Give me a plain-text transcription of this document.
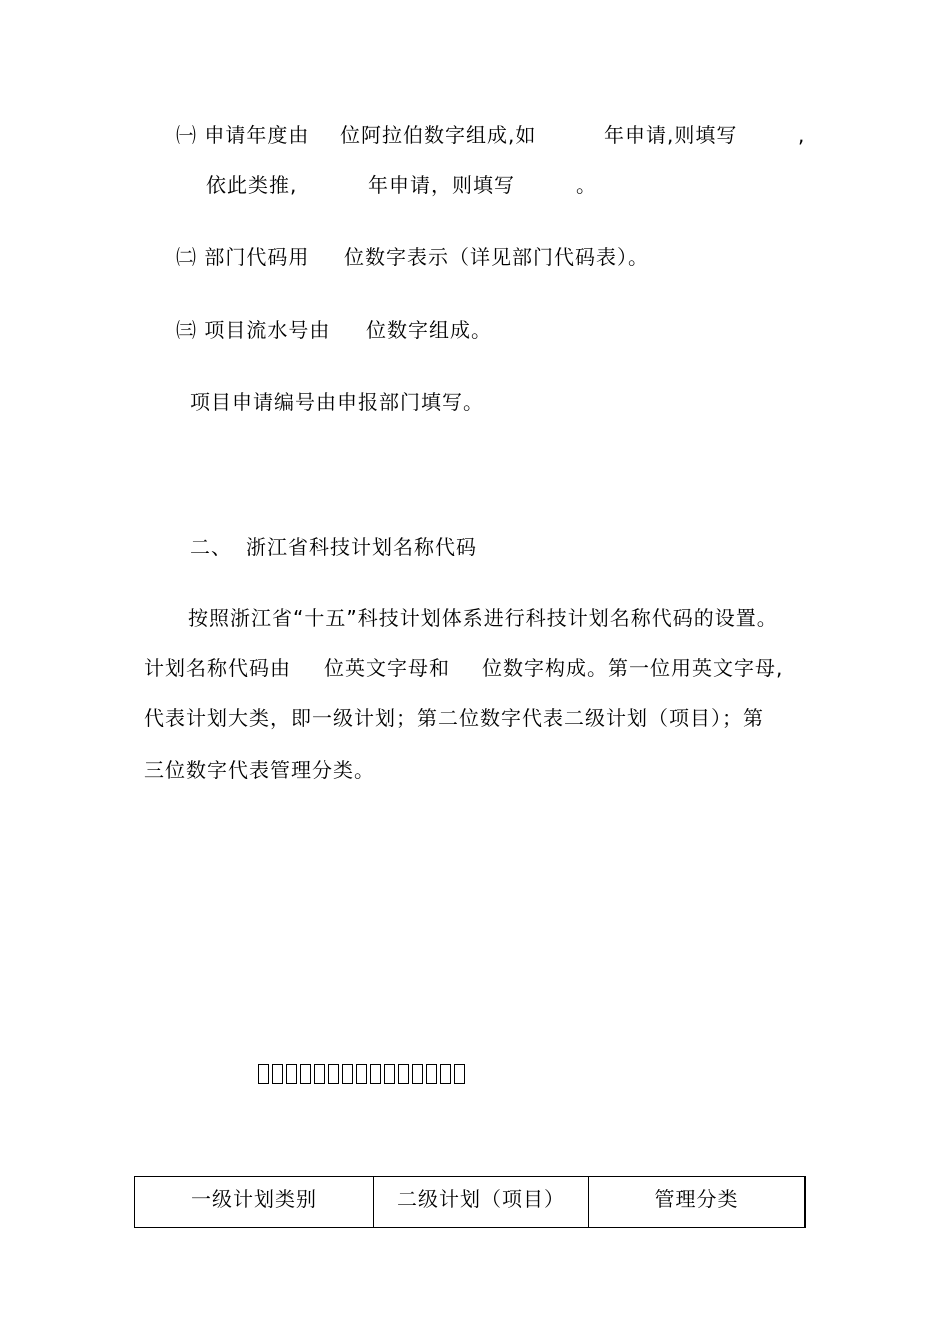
㈠ 申请年度由 位阿拉伯数字组成,如	年申请,则填写	,
依此类推,	年申请，则填写	。
㈡ 部门代码用 位数字表示（详见部门代码表）。
㈢ 项目流水号由 位数字组成。
项目申请编号由申报部门填写。
二、 浙江省科技计划名称代码
按照浙江省“十五”科技计划体系进行科技计划名称代码的设置。
计划名称代码由 位英文字母和 位数字构成。第一位用英文字母,
代表计划大类，即一级计划；第二位数字代表二级计划（项目）；第
三位数字代表管理分类。
一级计划类别	二级计划（项目）	管理分类
